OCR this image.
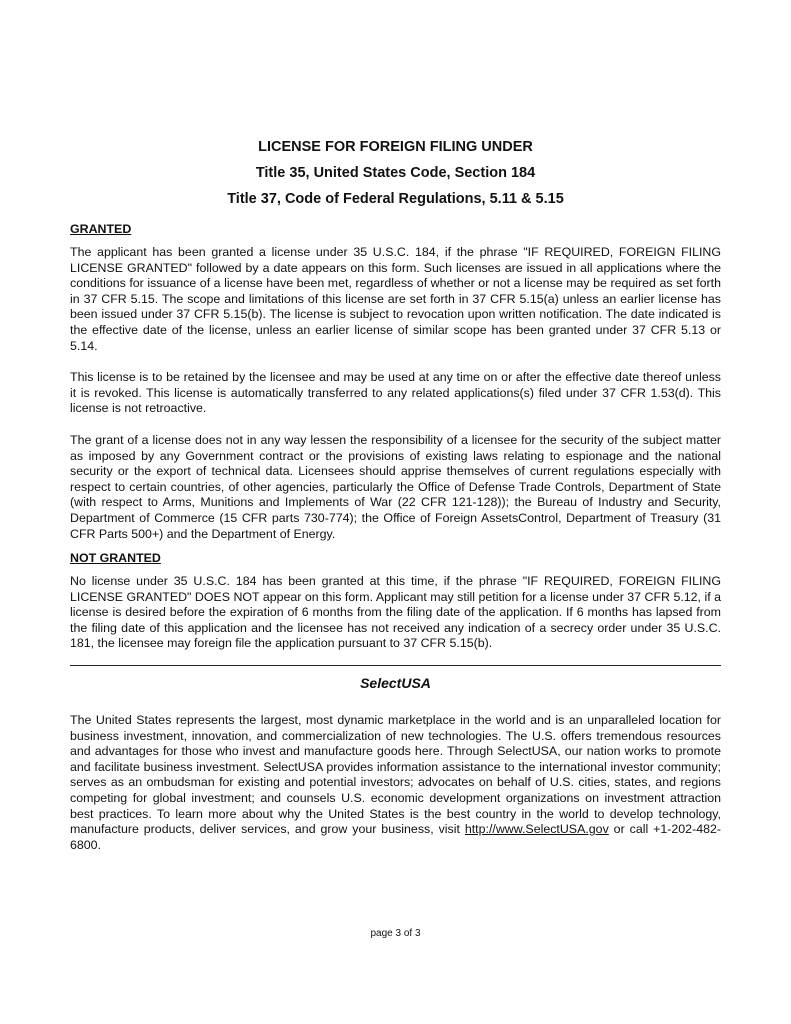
LICENSE FOR FOREIGN FILING UNDER
Title 35, United States Code, Section 184
Title 37, Code of Federal Regulations, 5.11 & 5.15
GRANTED

The applicant has been granted a license under 35 U.S.C. 184, if the phrase "IF REQUIRED, FOREIGN FILING LICENSE GRANTED" followed by a date appears on this form. Such licenses are issued in all applications where the conditions for issuance of a license have been met, regardless of whether or not a license may be required as set forth in 37 CFR 5.15. The scope and limitations of this license are set forth in 37 CFR 5.15(a) unless an earlier license has been issued under 37 CFR 5.15(b). The license is subject to revocation upon written notification. The date indicated is the effective date of the license, unless an earlier license of similar scope has been granted under 37 CFR 5.13 or 5.14.

This license is to be retained by the licensee and may be used at any time on or after the effective date thereof unless it is revoked. This license is automatically transferred to any related applications(s) filed under 37 CFR 1.53(d). This license is not retroactive.

The grant of a license does not in any way lessen the responsibility of a licensee for the security of the subject matter as imposed by any Government contract or the provisions of existing laws relating to espionage and the national security or the export of technical data. Licensees should apprise themselves of current regulations especially with respect to certain countries, of other agencies, particularly the Office of Defense Trade Controls, Department of State (with respect to Arms, Munitions and Implements of War (22 CFR 121-128)); the Bureau of Industry and Security, Department of Commerce (15 CFR parts 730-774); the Office of Foreign AssetsControl, Department of Treasury (31 CFR Parts 500+) and the Department of Energy.

NOT GRANTED

No license under 35 U.S.C. 184 has been granted at this time, if the phrase "IF REQUIRED, FOREIGN FILING LICENSE GRANTED" DOES NOT appear on this form. Applicant may still petition for a license under 37 CFR 5.12, if a license is desired before the expiration of 6 months from the filing date of the application. If 6 months has lapsed from the filing date of this application and the licensee has not received any indication of a secrecy order under 35 U.S.C. 181, the licensee may foreign file the application pursuant to 37 CFR 5.15(b).

SelectUSA

The United States represents the largest, most dynamic marketplace in the world and is an unparalleled location for business investment, innovation, and commercialization of new technologies. The U.S. offers tremendous resources and advantages for those who invest and manufacture goods here. Through SelectUSA, our nation works to promote and facilitate business investment. SelectUSA provides information assistance to the international investor community; serves as an ombudsman for existing and potential investors; advocates on behalf of U.S. cities, states, and regions competing for global investment; and counsels U.S. economic development organizations on investment attraction best practices. To learn more about why the United States is the best country in the world to develop technology, manufacture products, deliver services, and grow your business, visit http://www.SelectUSA.gov or call +1-202-482-6800.

page 3 of 3
